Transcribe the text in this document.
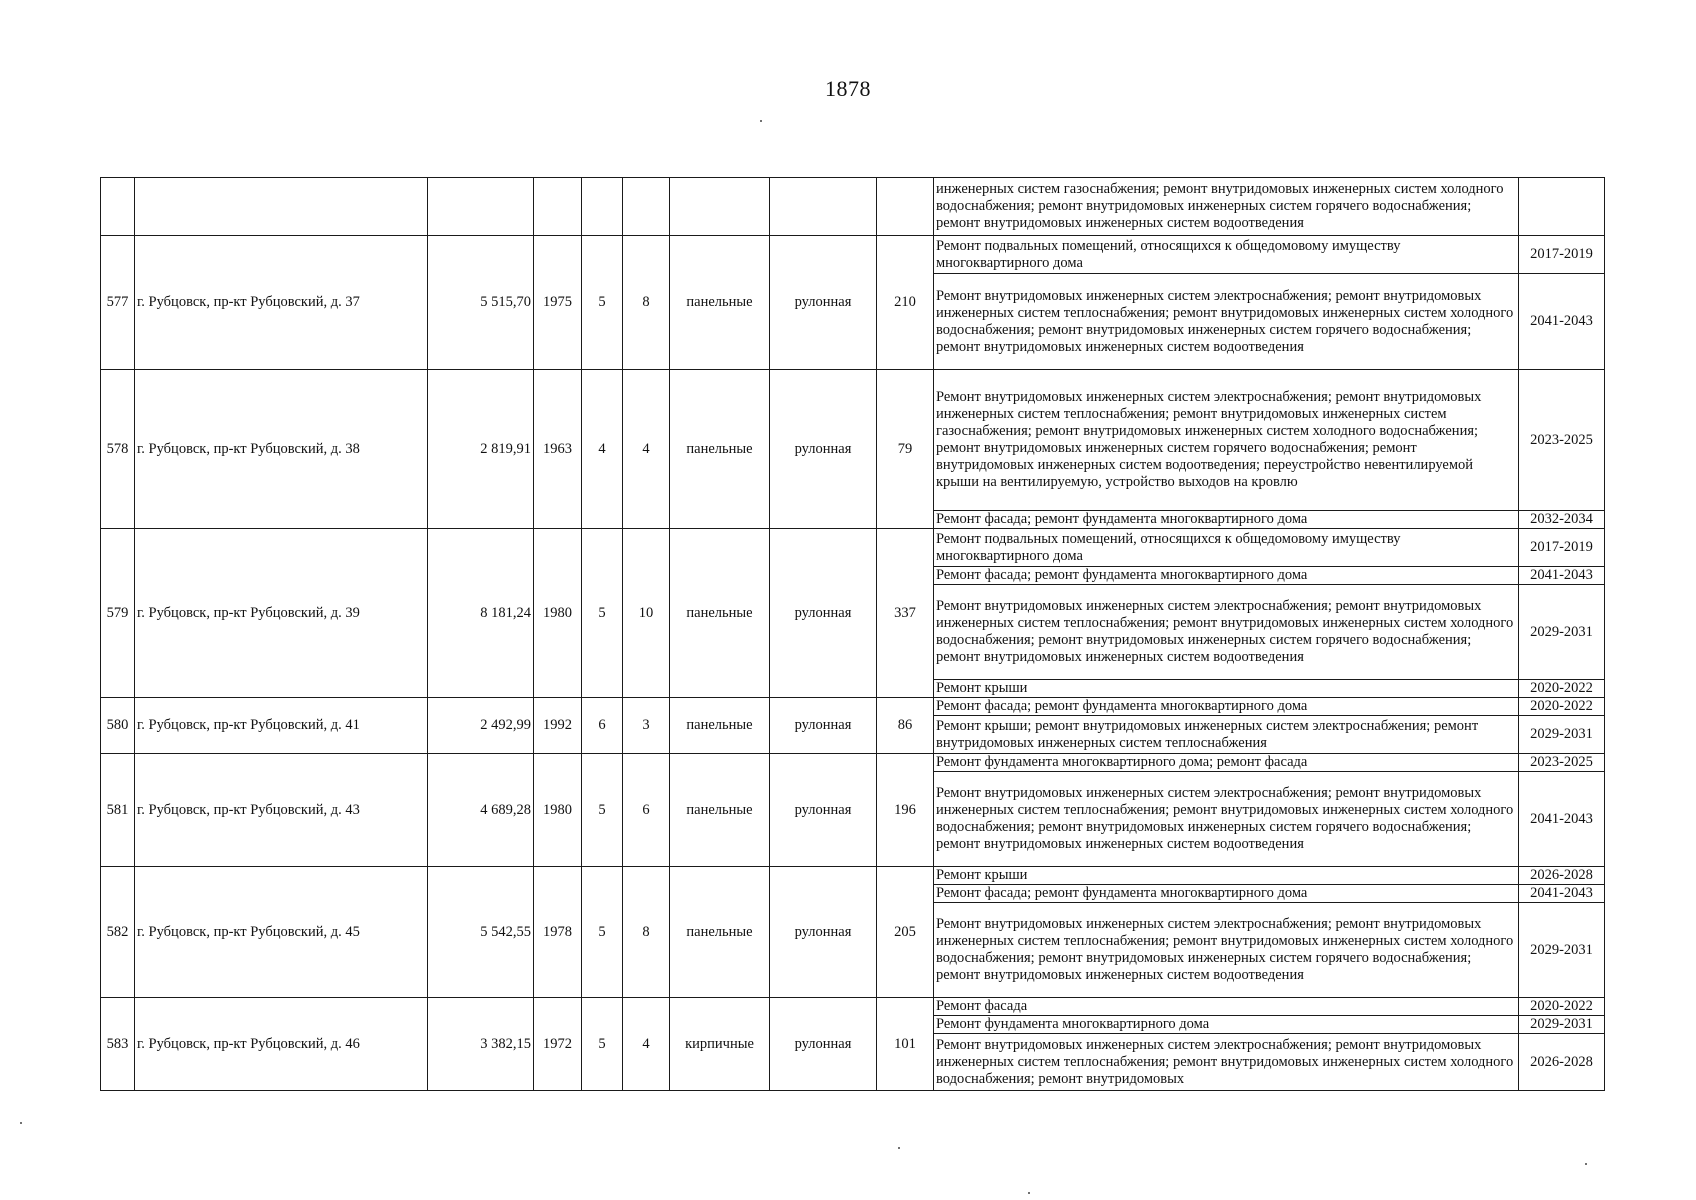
1878
									инженерных систем газоснабжения; ремонт внутридомовых инженерных систем холодного водоснабжения; ремонт внутридомовых инженерных систем горячего водоснабжения; ремонт внутридомовых инженерных систем водоотведения	
577	г. Рубцовск, пр-кт Рубцовский, д. 37	5 515,70	1975	5	8	панельные	рулонная	210	Ремонт подвальных помещений, относящихся к общедомовому имуществу многоквартирного дома	2017-2019
									Ремонт внутридомовых инженерных систем электроснабжения; ремонт внутридомовых инженерных систем теплоснабжения; ремонт внутридомовых инженерных систем холодного водоснабжения; ремонт внутридомовых инженерных систем горячего водоснабжения; ремонт внутридомовых инженерных систем водоотведения	2041-2043
578	г. Рубцовск, пр-кт Рубцовский, д. 38	2 819,91	1963	4	4	панельные	рулонная	79	Ремонт внутридомовых инженерных систем электроснабжения; ремонт внутридомовых инженерных систем теплоснабжения; ремонт внутридомовых инженерных систем газоснабжения; ремонт внутридомовых инженерных систем холодного водоснабжения; ремонт внутридомовых инженерных систем горячего водоснабжения; ремонт внутридомовых инженерных систем водоотведения; переустройство невентилируемой крыши на вентилируемую, устройство выходов на кровлю	2023-2025
									Ремонт фасада; ремонт фундамента многоквартирного дома	2032-2034
579	г. Рубцовск, пр-кт Рубцовский, д. 39	8 181,24	1980	5	10	панельные	рулонная	337	Ремонт подвальных помещений, относящихся к общедомовому имуществу многоквартирного дома	2017-2019
									Ремонт фасада; ремонт фундамента многоквартирного дома	2041-2043
									Ремонт внутридомовых инженерных систем электроснабжения; ремонт внутридомовых инженерных систем теплоснабжения; ремонт внутридомовых инженерных систем холодного водоснабжения; ремонт внутридомовых инженерных систем горячего водоснабжения; ремонт внутридомовых инженерных систем водоотведения	2029-2031
									Ремонт крыши	2020-2022
580	г. Рубцовск, пр-кт Рубцовский, д. 41	2 492,99	1992	6	3	панельные	рулонная	86	Ремонт фасада; ремонт фундамента многоквартирного дома	2020-2022
									Ремонт крыши; ремонт внутридомовых инженерных систем электроснабжения; ремонт внутридомовых инженерных систем теплоснабжения	2029-2031
581	г. Рубцовск, пр-кт Рубцовский, д. 43	4 689,28	1980	5	6	панельные	рулонная	196	Ремонт фундамента многоквартирного дома; ремонт фасада	2023-2025
									Ремонт внутридомовых инженерных систем электроснабжения; ремонт внутридомовых инженерных систем теплоснабжения; ремонт внутридомовых инженерных систем холодного водоснабжения; ремонт внутридомовых инженерных систем горячего водоснабжения; ремонт внутридомовых инженерных систем водоотведения	2041-2043
582	г. Рубцовск, пр-кт Рубцовский, д. 45	5 542,55	1978	5	8	панельные	рулонная	205	Ремонт крыши	2026-2028
									Ремонт фасада; ремонт фундамента многоквартирного дома	2041-2043
									Ремонт внутридомовых инженерных систем электроснабжения; ремонт внутридомовых инженерных систем теплоснабжения; ремонт внутридомовых инженерных систем холодного водоснабжения; ремонт внутридомовых инженерных систем горячего водоснабжения; ремонт внутридомовых инженерных систем водоотведения	2029-2031
583	г. Рубцовск, пр-кт Рубцовский, д. 46	3 382,15	1972	5	4	кирпичные	рулонная	101	Ремонт фасада	2020-2022
									Ремонт фундамента многоквартирного дома	2029-2031
									Ремонт внутридомовых инженерных систем электроснабжения; ремонт внутридомовых инженерных систем теплоснабжения; ремонт внутридомовых инженерных систем холодного водоснабжения; ремонт внутридомовых	2026-2028
